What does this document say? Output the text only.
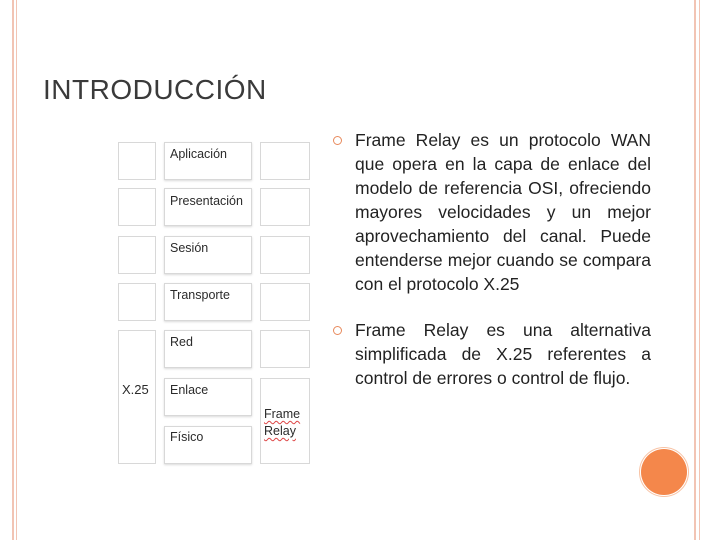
INTRODUCCIÓN
Aplicación
Presentación
Sesión
Transporte
Red
Enlace
Físico
X.25
Frame
Relay
Frame Relay es un protocolo WAN que opera en la capa de enlace del modelo de referencia OSI, ofreciendo mayores velocidades y un mejor aprovechamiento del canal. Puede entenderse mejor cuando se compara con el protocolo X.25
Frame Relay es una alternativa simplificada de X.25 referentes a control de errores o control de flujo.
